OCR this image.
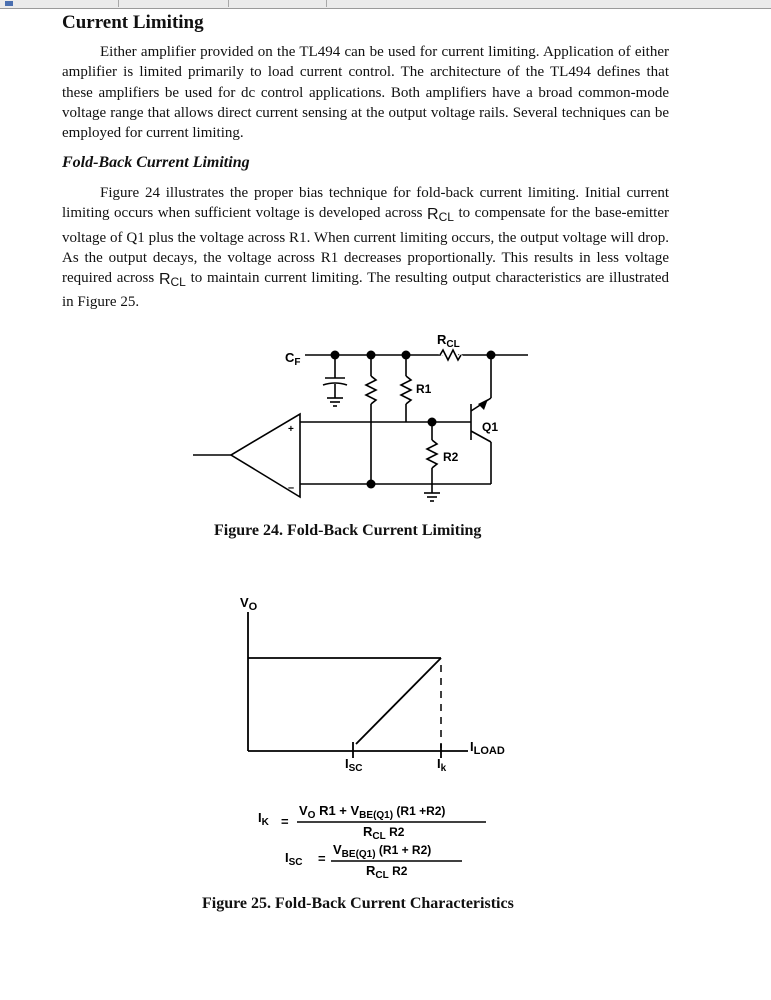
Current Limiting
Either amplifier provided on the TL494 can be used for current limiting. Application of either amplifier is limited primarily to load current control. The architecture of the TL494 defines that these amplifiers be used for dc control applications. Both amplifiers have a broad common-mode voltage range that allows direct current sensing at the output voltage rails. Several techniques can be employed for current limiting.
Fold-Back Current Limiting
Figure 24 illustrates the proper bias technique for fold-back current limiting. Initial current limiting occurs when sufficient voltage is developed across RCL to compensate for the base-emitter voltage of Q1 plus the voltage across R1. When current limiting occurs, the output voltage will drop. As the output decays, the voltage across R1 decreases proportionally. This results in less voltage required across RCL to maintain current limiting. The resulting output characteristics are illustrated in Figure 25.
$C_F$
$R_{CL}$
R1
R2
Q1
+
–
Figure 24. Fold-Back Current Limiting
$V_O$
$I_{LOAD}$
$I_{SC}$	$I_k$
$I_K$ =
$V_O$ $R1 + V_{BE(Q1)}$ (R1 +R2)
$R_{CL}$ R2
$I_{SC}$ =
$V_{BE(Q1)}$ (R1 + R2)
$R_{CL}$ R2
Figure 25. Fold-Back Current Characteristics
